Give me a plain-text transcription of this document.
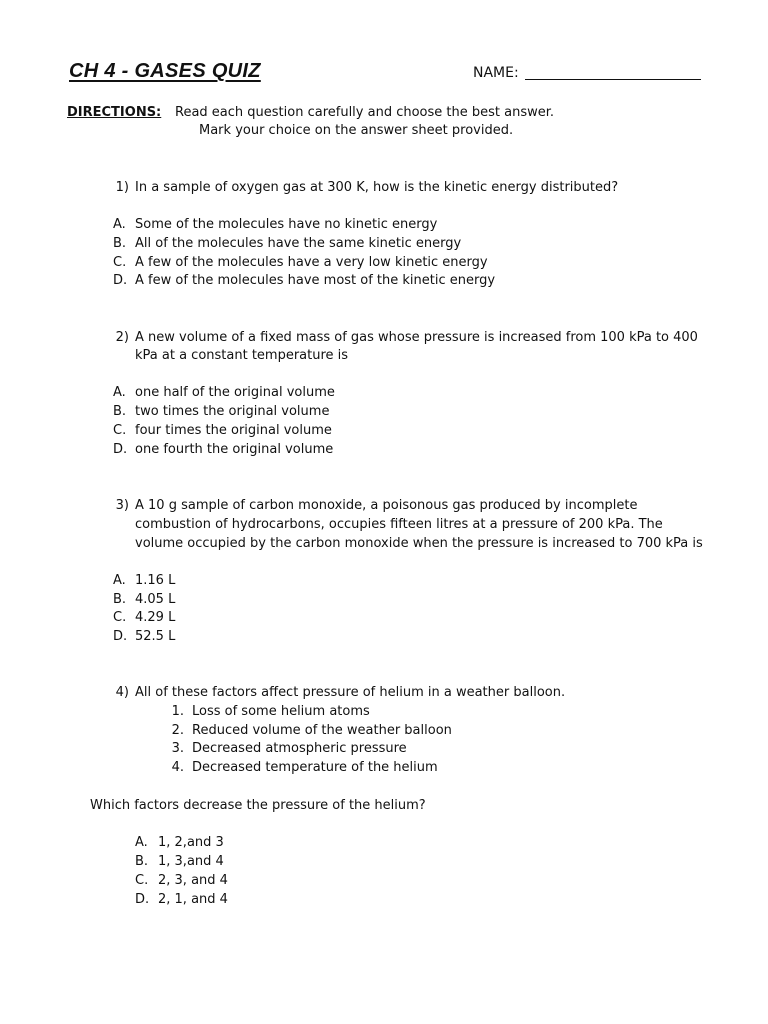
CH 4 - GASES QUIZ	NAME:
DIRECTIONS: Read each question carefully and choose the best answer.
Mark your choice on the answer sheet provided.
1) In a sample of oxygen gas at 300 K, how is the kinetic energy distributed?
A. Some of the molecules have no kinetic energy
B. All of the molecules have the same kinetic energy
C. A few of the molecules have a very low kinetic energy
D. A few of the molecules have most of the kinetic energy
2) A new volume of a fixed mass of gas whose pressure is increased from 100 kPa to 400
kPa at a constant temperature is
A. one half of the original volume
B. two times the original volume
C. four times the original volume
D. one fourth the original volume
3) A 10 g sample of carbon monoxide, a poisonous gas produced by incomplete
combustion of hydrocarbons, occupies fifteen litres at a pressure of 200 kPa. The
volume occupied by the carbon monoxide when the pressure is increased to 700 kPa is
A. 1.16 L
B. 4.05 L
C. 4.29 L
D. 52.5 L
4) All of these factors affect pressure of helium in a weather balloon.
1. Loss of some helium atoms
2. Reduced volume of the weather balloon
3. Decreased atmospheric pressure
4. Decreased temperature of the helium
Which factors decrease the pressure of the helium?
A. 1, 2,and 3
B. 1, 3,and 4
C. 2, 3, and 4
D. 2, 1, and 4
